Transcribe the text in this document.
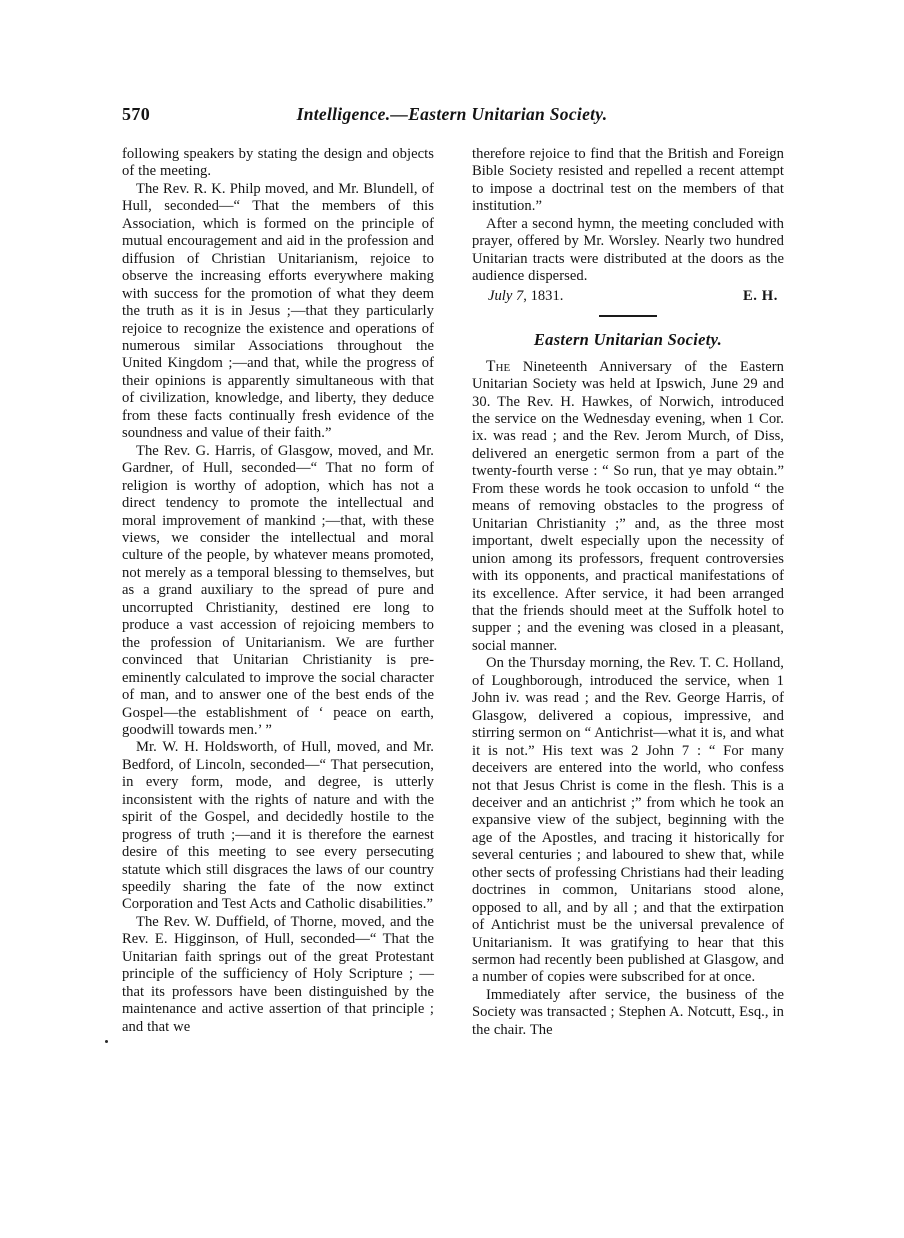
570	Intelligence.—Eastern Unitarian Society.

following speakers by stating the design and objects of the meeting.

The Rev. R. K. Philp moved, and Mr. Blundell, of Hull, seconded—“ That the members of this Association, which is formed on the principle of mutual encouragement and aid in the profession and diffusion of Christian Unitarianism, rejoice to observe the increasing efforts everywhere making with success for the promotion of what they deem the truth as it is in Jesus ;—that they particularly rejoice to recognize the existence and operations of numerous similar Associations throughout the United Kingdom ;—and that, while the progress of their opinions is apparently simultaneous with that of civilization, knowledge, and liberty, they deduce from these facts continually fresh evidence of the soundness and value of their faith.”

The Rev. G. Harris, of Glasgow, moved, and Mr. Gardner, of Hull, seconded—“ That no form of religion is worthy of adoption, which has not a direct tendency to promote the intellectual and moral improvement of mankind ;—that, with these views, we consider the intellectual and moral culture of the people, by whatever means promoted, not merely as a temporal blessing to themselves, but as a grand auxiliary to the spread of pure and uncorrupted Christianity, destined ere long to produce a vast accession of rejoicing members to the profession of Unitarianism. We are further convinced that Unitarian Christianity is pre-eminently calculated to improve the social character of man, and to answer one of the best ends of the Gospel—the establishment of ‘ peace on earth, goodwill towards men.’ ”

Mr. W. H. Holdsworth, of Hull, moved, and Mr. Bedford, of Lincoln, seconded—“ That persecution, in every form, mode, and degree, is utterly inconsistent with the rights of nature and with the spirit of the Gospel, and decidedly hostile to the progress of truth ;—and it is therefore the earnest desire of this meeting to see every persecuting statute which still disgraces the laws of our country speedily sharing the fate of the now extinct Corporation and Test Acts and Catholic disabilities.”

The Rev. W. Duffield, of Thorne, moved, and the Rev. E. Higginson, of Hull, seconded—“ That the Unitarian faith springs out of the great Protestant principle of the sufficiency of Holy Scripture ; —that its professors have been distinguished by the maintenance and active assertion of that principle ; and that we

therefore rejoice to find that the British and Foreign Bible Society resisted and repelled a recent attempt to impose a doctrinal test on the members of that institution.”

After a second hymn, the meeting concluded with prayer, offered by Mr. Worsley. Nearly two hundred Unitarian tracts were distributed at the doors as the audience dispersed.

July 7, 1831.	E. H.

Eastern Unitarian Society.

The Nineteenth Anniversary of the Eastern Unitarian Society was held at Ipswich, June 29 and 30. The Rev. H. Hawkes, of Norwich, introduced the service on the Wednesday evening, when 1 Cor. ix. was read ; and the Rev. Jerom Murch, of Diss, delivered an energetic sermon from a part of the twenty-fourth verse : “ So run, that ye may obtain.” From these words he took occasion to unfold “ the means of removing obstacles to the progress of Unitarian Christianity ;” and, as the three most important, dwelt especially upon the necessity of union among its professors, frequent controversies with its opponents, and practical manifestations of its excellence. After service, it had been arranged that the friends should meet at the Suffolk hotel to supper ; and the evening was closed in a pleasant, social manner.

On the Thursday morning, the Rev. T. C. Holland, of Loughborough, introduced the service, when 1 John iv. was read ; and the Rev. George Harris, of Glasgow, delivered a copious, impressive, and stirring sermon on “ Antichrist—what it is, and what it is not.” His text was 2 John 7 : “ For many deceivers are entered into the world, who confess not that Jesus Christ is come in the flesh. This is a deceiver and an antichrist ;” from which he took an expansive view of the subject, beginning with the age of the Apostles, and tracing it historically for several centuries ; and laboured to shew that, while other sects of professing Christians had their leading doctrines in common, Unitarians stood alone, opposed to all, and by all ; and that the extirpation of Antichrist must be the universal prevalence of Unitarianism. It was gratifying to hear that this sermon had recently been published at Glasgow, and a number of copies were subscribed for at once.

Immediately after service, the business of the Society was transacted ; Stephen A. Notcutt, Esq., in the chair. The
